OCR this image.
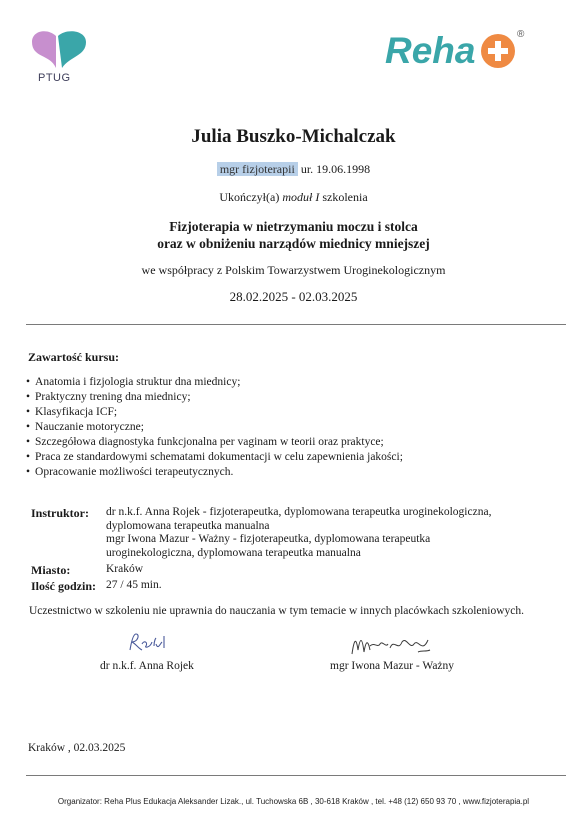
PTUG
Reha	®
Julia Buszko-Michalczak
mgr fizjoterapii ur. 19.06.1998
Ukończył(a) moduł I szkolenia
Fizjoterapia w nietrzymaniu moczu i stolca
oraz w obniżeniu narządów miednicy mniejszej
we współpracy z Polskim Towarzystwem Uroginekologicznym
28.02.2025 - 02.03.2025
Zawartość kursu:
• Anatomia i fizjologia struktur dna miednicy;
• Praktyczny trening dna miednicy;
• Klasyfikacja ICF;
• Nauczanie motoryczne;
• Szczegółowa diagnostyka funkcjonalna per vaginam w teorii oraz praktyce;
• Praca ze standardowymi schematami dokumentacji w celu zapewnienia jakości;
• Opracowanie możliwości terapeutycznych.
Instruktor: dr n.k.f. Anna Rojek - fizjoterapeutka, dyplomowana terapeutka uroginekologiczna,
dyplomowana terapeutka manualna
mgr Iwona Mazur - Ważny - fizjoterapeutka, dyplomowana terapeutka
uroginekologiczna, dyplomowana terapeutka manualna
Miasto:	Kraków
Ilość godzin: 27 / 45 min.
Uczestnictwo w szkoleniu nie uprawnia do nauczania w tym temacie w innych placówkach szkoleniowych.
dr n.k.f. Anna Rojek	mgr Iwona Mazur - Ważny
Kraków , 02.03.2025
Organizator: Reha Plus Edukacja Aleksander Lizak., ul. Tuchowska 6B , 30-618 Kraków , tel. +48 (12) 650 93 70 , www.fizjoterapia.pl
